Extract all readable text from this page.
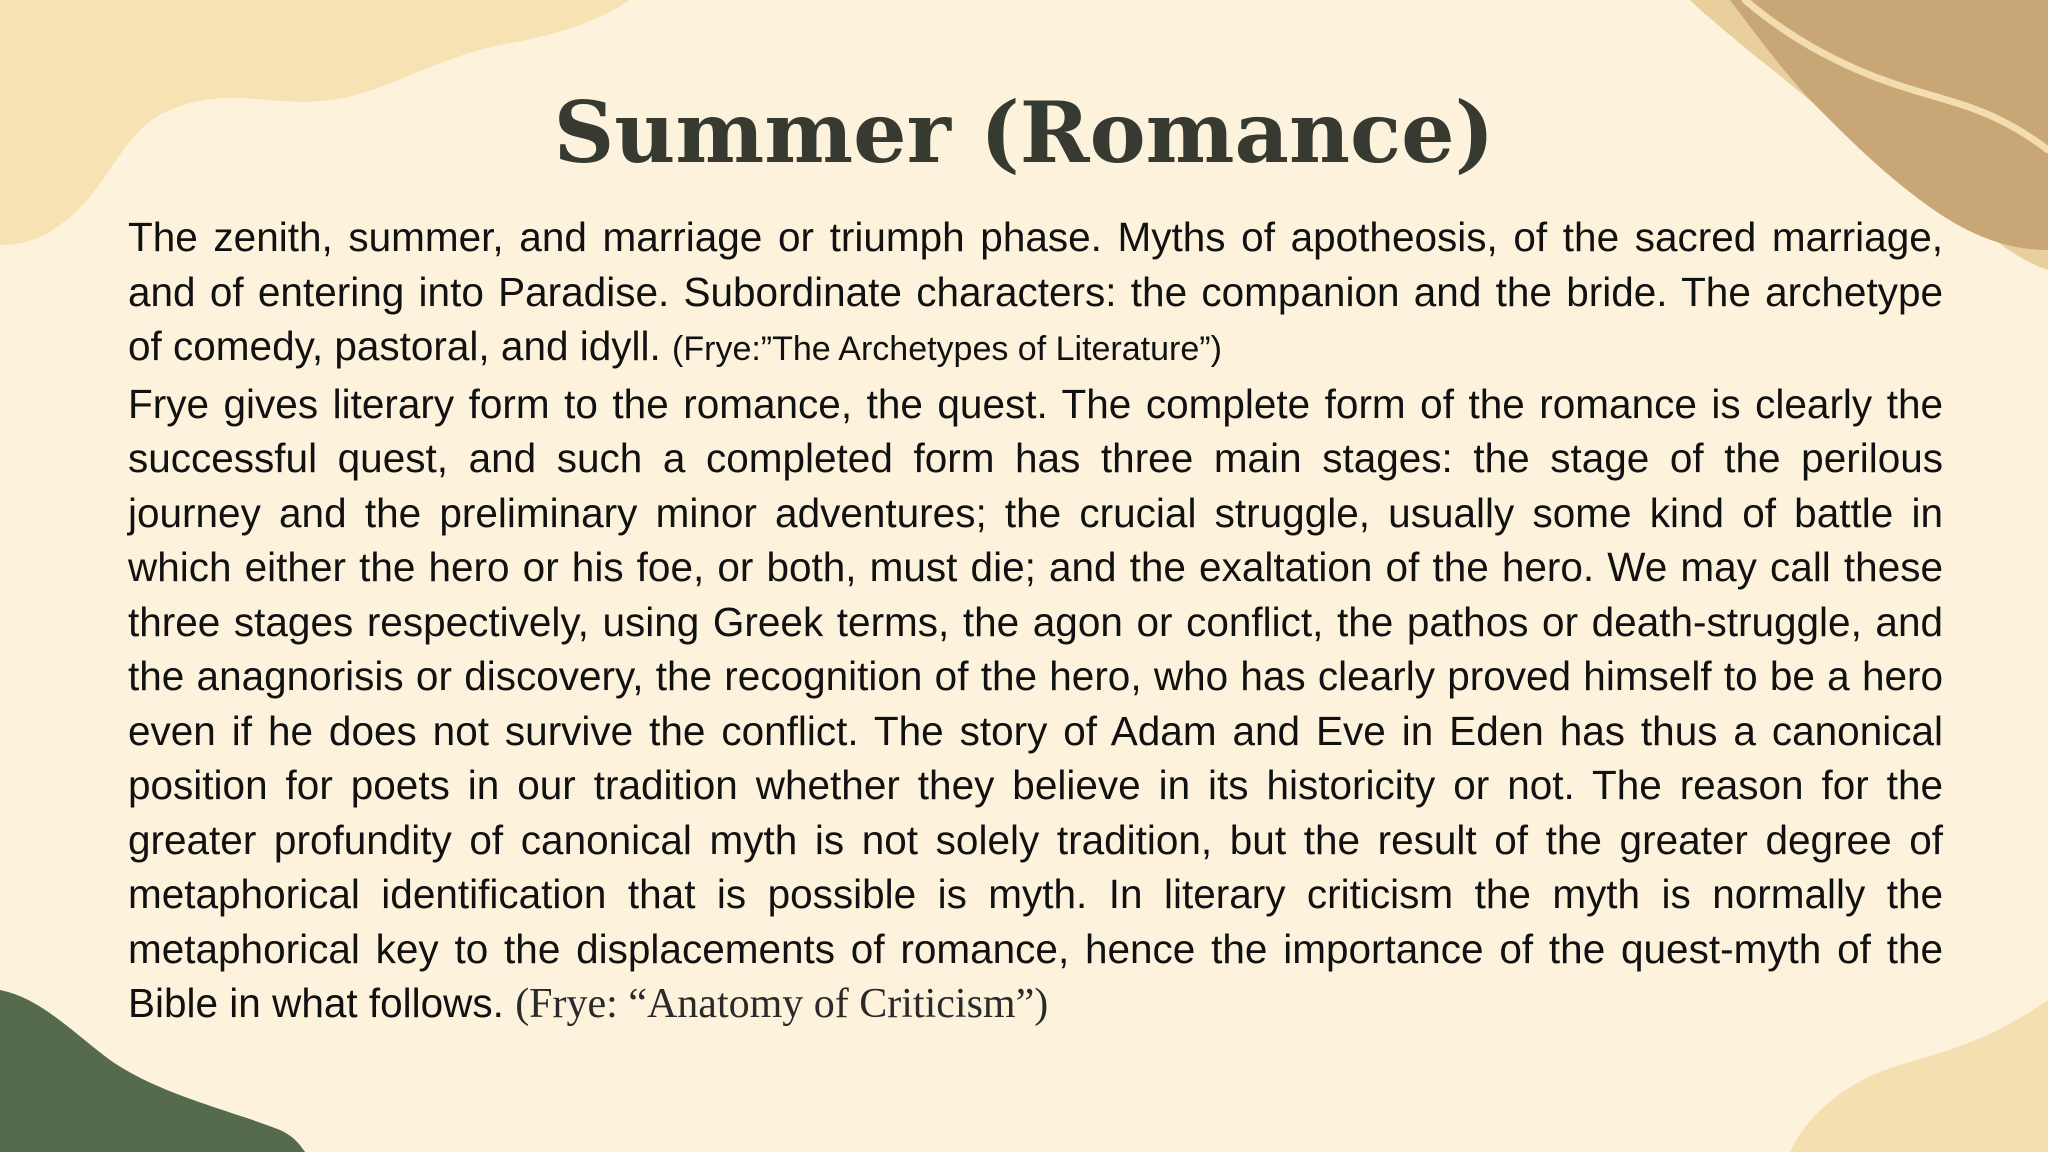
Summer (Romance)

The zenith, summer, and marriage or triumph phase. Myths of apotheosis, of the sacred marriage, and of entering into Paradise. Subordinate characters: the companion and the bride. The archetype of comedy, pastoral, and idyll. (Frye:”The Archetypes of Literature”)

Frye gives literary form to the romance, the quest. The complete form of the romance is clearly the successful quest, and such a completed form has three main stages: the stage of the perilous journey and the preliminary minor adventures; the crucial struggle, usually some kind of battle in which either the hero or his foe, or both, must die; and the exaltation of the hero. We may call these three stages respectively, using Greek terms, the agon or conflict, the pathos or death-struggle, and the anagnorisis or discovery, the recognition of the hero, who has clearly proved himself to be a hero even if he does not survive the conflict. The story of Adam and Eve in Eden has thus a canonical position for poets in our tradition whether they believe in its historicity or not. The reason for the greater profundity of canonical myth is not solely tradition, but the result of the greater degree of metaphorical identification that is possible is myth. In literary criticism the myth is normally the metaphorical key to the displacements of romance, hence the importance of the quest-myth of the Bible in what follows. (Frye: “Anatomy of Criticism”)
